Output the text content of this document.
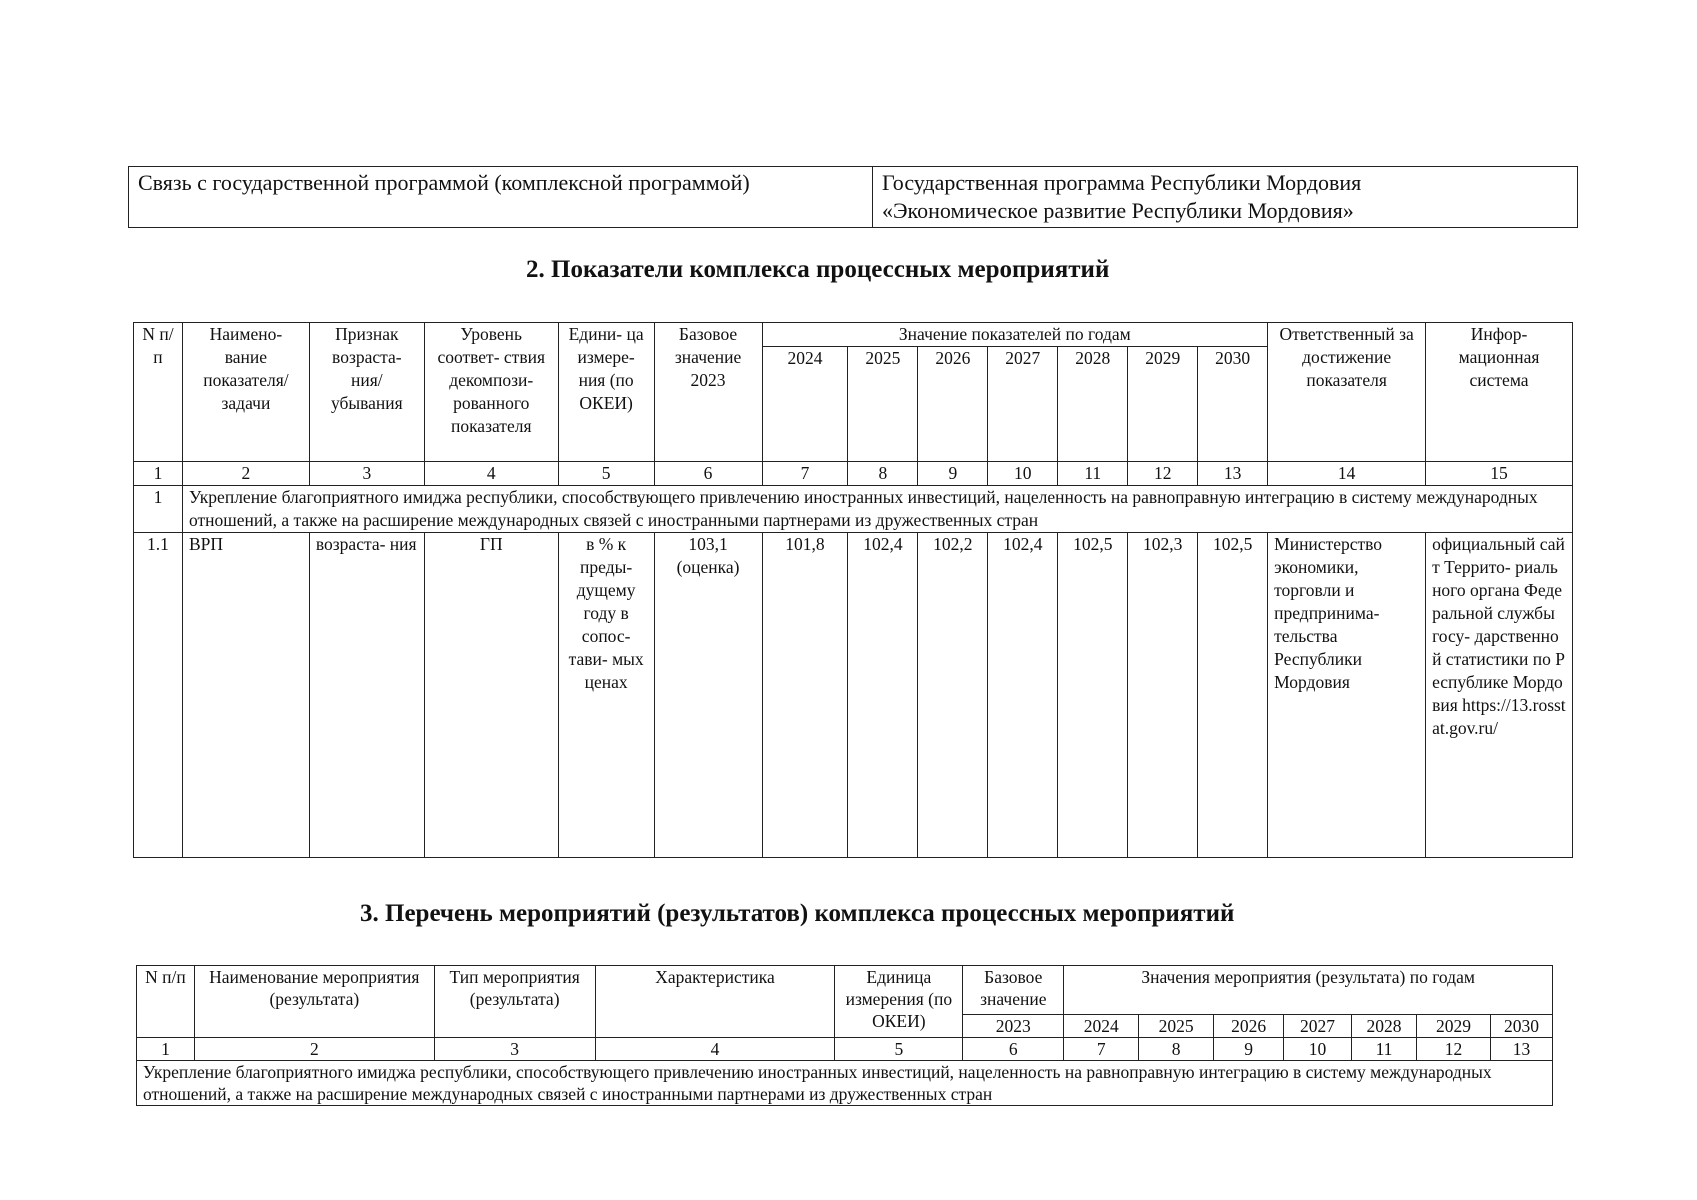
Связь с государственной программой (комплексной программой)	Государственная программа Республики Мордовия
«Экономическое развитие Республики Мордовия»
2. Показатели комплекса процессных мероприятий
N п/п	Наимено- вание показателя/ задачи	Признак возраста- ния/ убывания	Уровень соответ- ствия декомпози- рованного показателя	Едини- ца измере- ния (по ОКЕИ)	Базовое значение 2023	Значение показателей по годам							Ответственный за достижение показателя	Инфор- мационная система
						2024	2025	2026	2027	2028	2029	2030		
1	2	3	4	5	6	7	8	9	10	11	12	13	14	15
1	Укрепление благоприятного имиджа республики, способствующего привлечению иностранных инвестиций, нацеленность на равноправную интеграцию в систему международных отношений, а также на расширение международных связей с иностранными партнерами из дружественных стран													
1.1	ВРП	возраста- ния	ГП	в % к преды- дущему году в сопос- тави- мых ценах	103,1 (оценка)	101,8	102,4	102,2	102,4	102,5	102,3	102,5	Министерство экономики, торговли и предпринима- тельства Республики Мордовия	официальный сайт Террито- риального органа Федеральной службы госу- дарственной статистики по Республике Мордовия https://13.rosst at.gov.ru/
3. Перечень мероприятий (результатов) комплекса процессных мероприятий
N п/п	Наименование мероприятия (результата)	Тип мероприятия (результата)	Характеристика	Единица измерения (по ОКЕИ)	Базовое значение	Значения мероприятия (результата) по годам						
					2023	2024	2025	2026	2027	2028	2029	2030
1	2	3	4	5	6	7	8	9	10	11	12	13
Укрепление благоприятного имиджа республики, способствующего привлечению иностранных инвестиций, нацеленность на равноправную интеграцию в систему международных отношений, а также на расширение международных связей с иностранными партнерами из дружественных стран												
